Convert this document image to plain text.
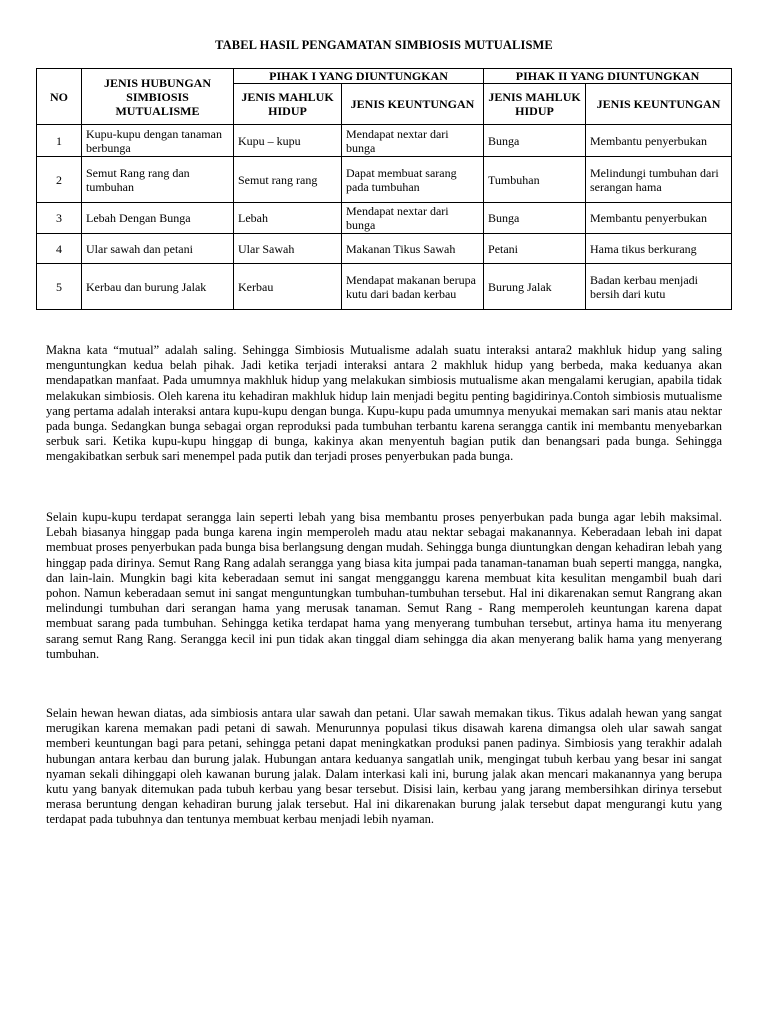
TABEL HASIL PENGAMATAN SIMBIOSIS MUTUALISME
NO	JENIS HUBUNGAN SIMBIOSIS MUTUALISME	PIHAK I YANG DIUNTUNGKAN		PIHAK II YANG DIUNTUNGKAN	
		JENIS MAHLUK HIDUP	JENIS KEUNTUNGAN	JENIS MAHLUK HIDUP	JENIS KEUNTUNGAN
1	Kupu-kupu dengan tanaman berbunga	Kupu – kupu	Mendapat nextar dari bunga	Bunga	Membantu penyerbukan
2	Semut Rang rang dan tumbuhan	Semut rang rang	Dapat membuat sarang pada tumbuhan	Tumbuhan	Melindungi tumbuhan dari serangan hama
3	Lebah Dengan Bunga	Lebah	Mendapat nextar dari bunga	Bunga	Membantu penyerbukan
4	Ular sawah dan petani	Ular Sawah	Makanan Tikus Sawah	Petani	Hama tikus berkurang
5	Kerbau dan burung Jalak	Kerbau	Mendapat makanan berupa kutu dari badan kerbau	Burung Jalak	Badan kerbau menjadi bersih dari kutu

Makna kata “mutual” adalah saling. Sehingga Simbiosis Mutualisme adalah suatu interaksi antara2 makhluk hidup yang saling menguntungkan kedua belah pihak. Jadi ketika terjadi interaksi antara 2 makhluk hidup yang berbeda, maka keduanya akan mendapatkan manfaat. Pada umumnya makhluk hidup yang melakukan simbiosis mutualisme akan mengalami kerugian, apabila tidak melakukan simbiosis. Oleh karena itu kehadiran makhluk hidup lain menjadi begitu penting bagidirinya.Contoh simbiosis mutualisme yang pertama adalah interaksi antara kupu-kupu dengan bunga. Kupu-kupu pada umumnya menyukai memakan sari manis atau nektar pada bunga. Sedangkan bunga sebagai organ reproduksi pada tumbuhan terbantu karena serangga cantik ini membantu menyebarkan serbuk sari. Ketika kupu-kupu hinggap di bunga, kakinya akan menyentuh bagian putik dan benangsari pada bunga. Sehingga mengakibatkan serbuk sari menempel pada putik dan terjadi proses penyerbukan pada bunga.

Selain kupu-kupu terdapat serangga lain seperti lebah yang bisa membantu proses penyerbukan pada bunga agar lebih maksimal. Lebah biasanya hinggap pada bunga karena ingin memperoleh madu atau nektar sebagai makanannya. Keberadaan lebah ini dapat membuat proses penyerbukan pada bunga bisa berlangsung dengan mudah. Sehingga bunga diuntungkan dengan kehadiran lebah yang hinggap pada dirinya. Semut Rang Rang adalah serangga yang biasa kita jumpai pada tanaman-tanaman buah seperti mangga, nangka, dan lain-lain. Mungkin bagi kita keberadaan semut ini sangat mengganggu karena membuat kita kesulitan mengambil buah dari pohon. Namun keberadaan semut ini sangat menguntungkan tumbuhan-tumbuhan tersebut. Hal ini dikarenakan semut Rangrang akan melindungi tumbuhan dari serangan hama yang merusak tanaman. Semut Rang - Rang memperoleh keuntungan karena dapat membuat sarang pada tumbuhan. Sehingga ketika terdapat hama yang menyerang tumbuhan tersebut, artinya hama itu menyerang sarang semut Rang Rang. Serangga kecil ini pun tidak akan tinggal diam sehingga dia akan menyerang balik hama yang menyerang tumbuhan.

Selain hewan hewan diatas, ada simbiosis antara ular sawah dan petani. Ular sawah memakan tikus. Tikus adalah hewan yang sangat merugikan karena memakan padi petani di sawah. Menurunnya populasi tikus disawah karena dimangsa oleh ular sawah sangat memberi keuntungan bagi para petani, sehingga petani dapat meningkatkan produksi panen padinya. Simbiosis yang terakhir adalah hubungan antara kerbau dan burung jalak. Hubungan antara keduanya sangatlah unik, mengingat tubuh kerbau yang besar ini sangat nyaman sekali dihinggapi oleh kawanan burung jalak. Dalam interkasi kali ini, burung jalak akan mencari makanannya yang berupa kutu yang banyak ditemukan pada tubuh kerbau yang besar tersebut. Disisi lain, kerbau yang jarang membersihkan dirinya tersebut merasa beruntung dengan kehadiran burung jalak tersebut. Hal ini dikarenakan burung jalak tersebut dapat mengurangi kutu yang terdapat pada tubuhnya dan tentunya membuat kerbau menjadi lebih nyaman.
